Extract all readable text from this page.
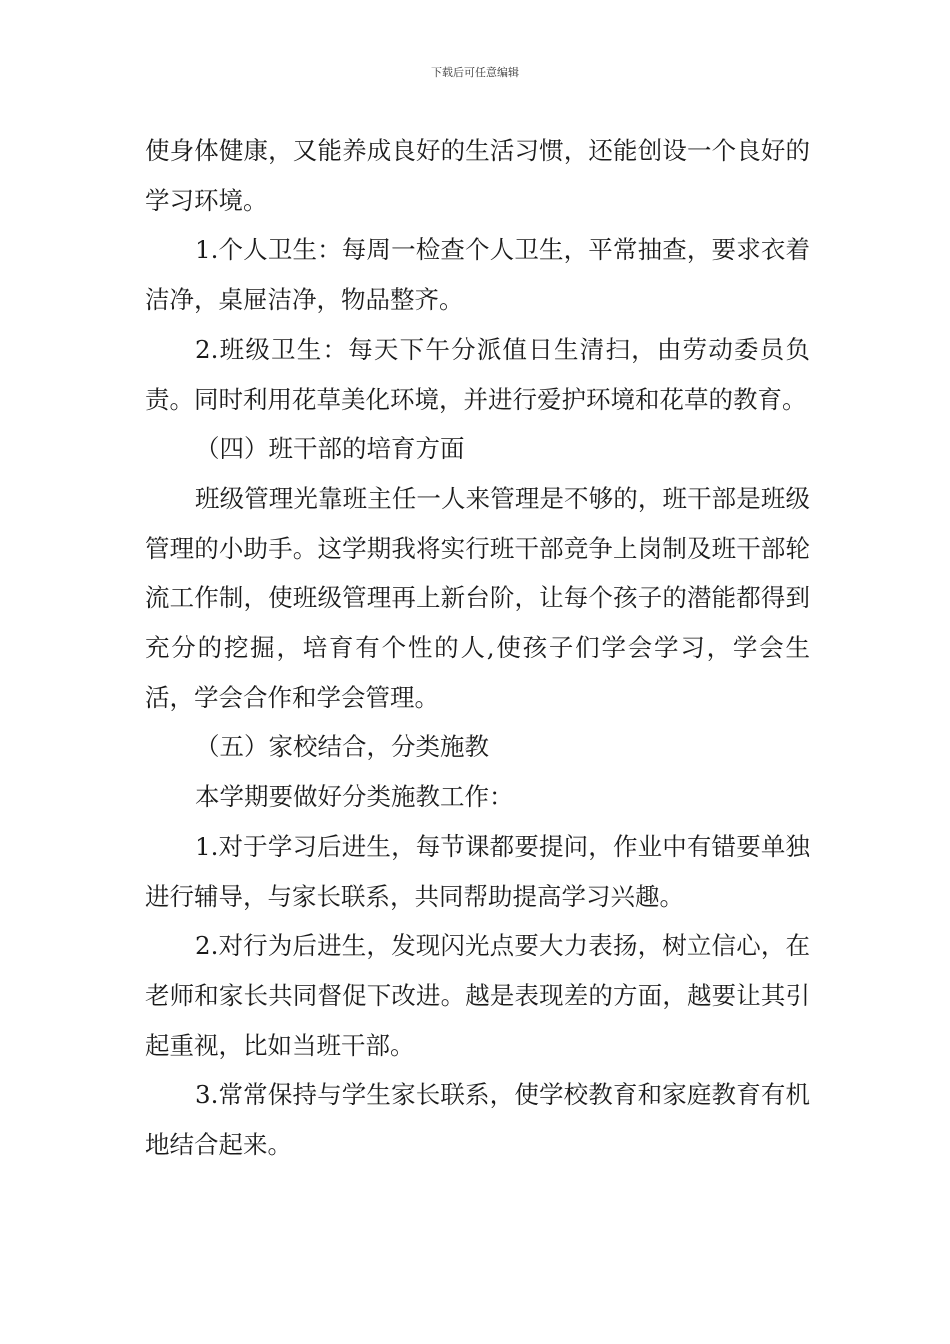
下载后可任意编辑

使身体健康，又能养成良好的生活习惯，还能创设一个良好的学习环境。

1.个人卫生：每周一检查个人卫生，平常抽查，要求衣着洁净，桌屉洁净，物品整齐。

2.班级卫生：每天下午分派值日生清扫，由劳动委员负责。同时利用花草美化环境，并进行爱护环境和花草的教育。

（四）班干部的培育方面

班级管理光靠班主任一人来管理是不够的，班干部是班级管理的小助手。这学期我将实行班干部竞争上岗制及班干部轮流工作制，使班级管理再上新台阶，让每个孩子的潜能都得到充分的挖掘，培育有个性的人,使孩子们学会学习，学会生活，学会合作和学会管理。

（五）家校结合，分类施教

本学期要做好分类施教工作：

1.对于学习后进生，每节课都要提问，作业中有错要单独进行辅导，与家长联系，共同帮助提高学习兴趣。

2.对行为后进生，发现闪光点要大力表扬，树立信心，在老师和家长共同督促下改进。越是表现差的方面，越要让其引起重视，比如当班干部。

3.常常保持与学生家长联系，使学校教育和家庭教育有机地结合起来。
